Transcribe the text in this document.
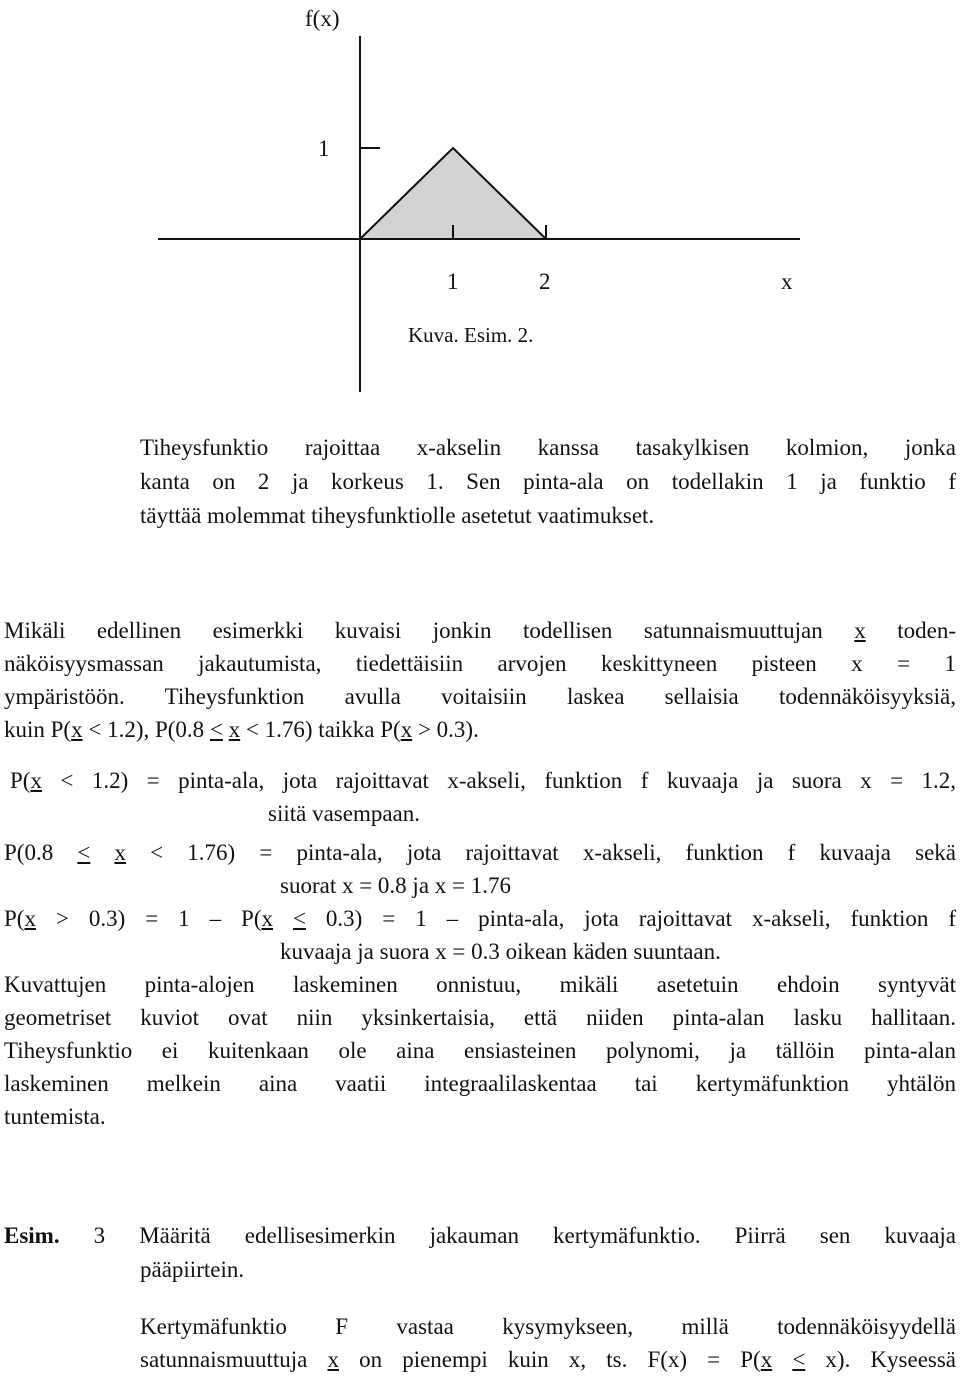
f(x)
1
1	2	x
Kuva. Esim. 2.
Tiheysfunktio rajoittaa x-akselin kanssa tasakylkisen kolmion, jonka
kanta on 2 ja korkeus 1. Sen pinta-ala on todellakin 1 ja funktio f
täyttää molemmat tiheysfunktiolle asetetut vaatimukset.
Mikäli edellinen esimerkki kuvaisi jonkin todellisen satunnaismuuttujan x toden-
näköisyysmassan jakautumista, tiedettäisiin arvojen keskittyneen pisteen x = 1
ympäristöön. Tiheysfunktion avulla voitaisiin laskea sellaisia todennäköisyyksiä,
kuin P(x < 1.2), P(0.8 < x < 1.76) taikka P(x > 0.3).
P(x < 1.2) = pinta-ala, jota rajoittavat x-akseli, funktion f kuvaaja ja suora x = 1.2,
siitä vasempaan.
P(0.8 < x < 1.76) = pinta-ala, jota rajoittavat x-akseli, funktion f kuvaaja sekä
suorat x = 0.8 ja x = 1.76
P(x > 0.3) = 1 – P(x < 0.3) = 1 – pinta-ala, jota rajoittavat x-akseli, funktion f
kuvaaja ja suora x = 0.3 oikean käden suuntaan.
Kuvattujen pinta-alojen laskeminen onnistuu, mikäli asetetuin ehdoin syntyvät
geometriset kuviot ovat niin yksinkertaisia, että niiden pinta-alan lasku hallitaan.
Tiheysfunktio ei kuitenkaan ole aina ensiasteinen polynomi, ja tällöin pinta-alan
laskeminen melkein aina vaatii integraalilaskentaa tai kertymäfunktion yhtälön
tuntemista.
Esim. 3 Määritä edellisesimerkin jakauman kertymäfunktio. Piirrä sen kuvaaja
pääpiirtein.
Kertymäfunktio F vastaa kysymykseen, millä todennäköisyydellä
satunnaismuuttuja x on pienempi kuin x, ts. F(x) = P(x < x). Kyseessä
